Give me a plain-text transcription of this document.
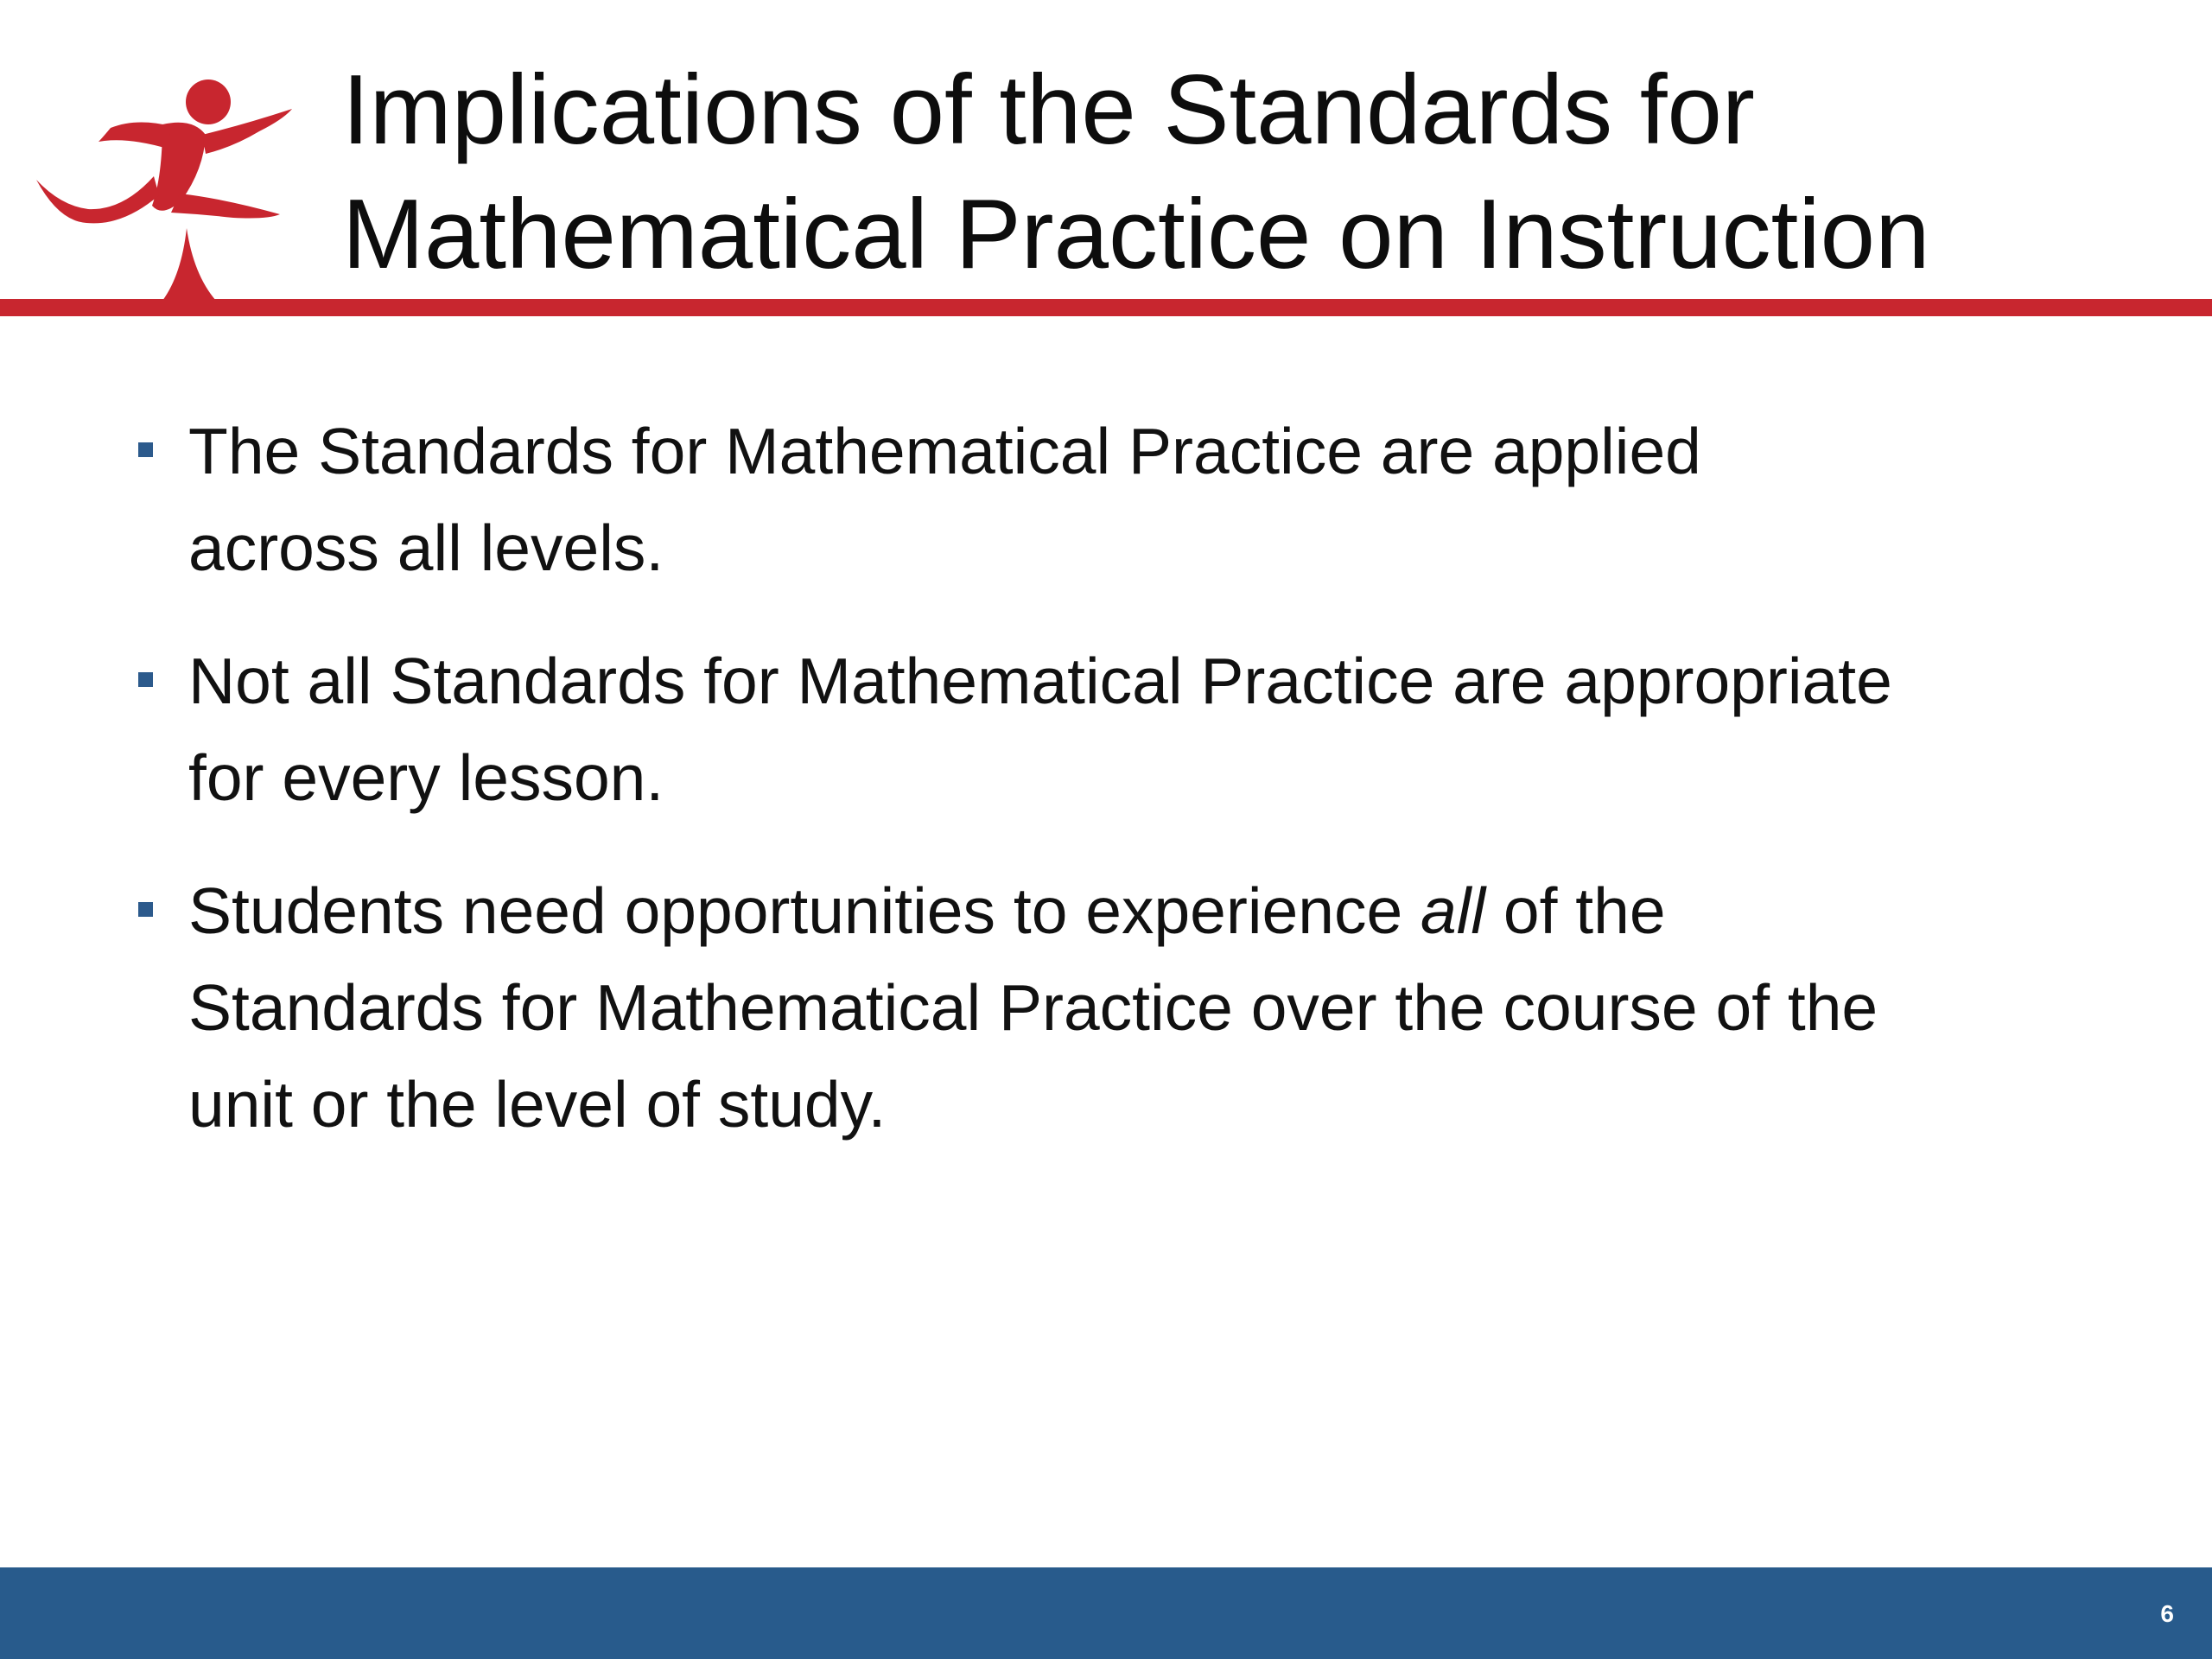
Implications of the Standards for
Mathematical Practice on Instruction
The Standards for Mathematical Practice are applied
across all levels.
Not all Standards for Mathematical Practice are appropriate
for every lesson.
Students need opportunities to experience all of the
Standards for Mathematical Practice over the course of the
unit or the level of study.
6
